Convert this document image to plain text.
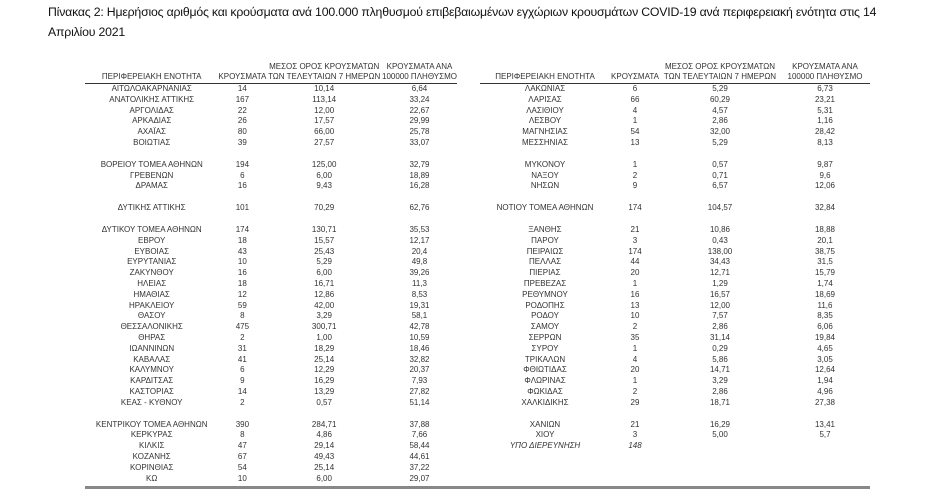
Πίνακας 2: Ημερήσιος αριθμός και κρούσματα ανά 100.000 πληθυσμού επιβεβαιωμένων εγχώριων κρουσμάτων COVID-19 ανά περιφερειακή ενότητα στις 14 Απριλίου 2021
ΠΕΡΙΦΕΡΕΙΑΚΗ ΕΝΟΤΗΤΑ	ΚΡΟΥΣΜΑΤΑ	ΜΕΣΟΣ ΟΡΟΣ ΚΡΟΥΣΜΑΤΩΝ ΤΩΝ ΤΕΛΕΥΤΑΙΩΝ 7 ΗΜΕΡΩΝ	ΚΡΟΥΣΜΑΤΑ ΑΝΑ 100000 ΠΛΗΘΥΣΜΟ
ΑΙΤΩΛΟΑΚΑΡΝΑΝΙΑΣ	14	10,14	6,64
ΑΝΑΤΟΛΙΚΗΣ ΑΤΤΙΚΗΣ	167	113,14	33,24
ΑΡΓΟΛΙΔΑΣ	22	12,00	22,67
ΑΡΚΑΔΙΑΣ	26	17,57	29,99
ΑΧΑΪΑΣ	80	66,00	25,78
ΒΟΙΩΤΙΑΣ	39	27,57	33,07

ΒΟΡΕΙΟΥ ΤΟΜΕΑ ΑΘΗΝΩΝ	194	125,00	32,79
ΓΡΕΒΕΝΩΝ	6	6,00	18,89
ΔΡΑΜΑΣ	16	9,43	16,28

ΔΥΤΙΚΗΣ ΑΤΤΙΚΗΣ	101	70,29	62,76

ΔΥΤΙΚΟΥ ΤΟΜΕΑ ΑΘΗΝΩΝ	174	130,71	35,53
ΕΒΡΟΥ	18	15,57	12,17
ΕΥΒΟΙΑΣ	43	25,43	20,4
ΕΥΡΥΤΑΝΙΑΣ	10	5,29	49,8
ΖΑΚΥΝΘΟΥ	16	6,00	39,26
ΗΛΕΙΑΣ	18	16,71	11,3
ΗΜΑΘΙΑΣ	12	12,86	8,53
ΗΡΑΚΛΕΙΟΥ	59	42,00	19,31
ΘΑΣΟΥ	8	3,29	58,1
ΘΕΣΣΑΛΟΝΙΚΗΣ	475	300,71	42,78
ΘΗΡΑΣ	2	1,00	10,59
ΙΩΑΝΝΙΝΩΝ	31	18,29	18,46
ΚΑΒΑΛΑΣ	41	25,14	32,82
ΚΑΛΥΜΝΟΥ	6	12,29	20,37
ΚΑΡΔΙΤΣΑΣ	9	16,29	7,93
ΚΑΣΤΟΡΙΑΣ	14	13,29	27,82
ΚΕΑΣ - ΚΥΘΝΟΥ	2	0,57	51,14

ΚΕΝΤΡΙΚΟΥ ΤΟΜΕΑ ΑΘΗΝΩΝ	390	284,71	37,88
ΚΕΡΚΥΡΑΣ	8	4,86	7,66
ΚΙΛΚΙΣ	47	29,14	58,44
ΚΟΖΑΝΗΣ	67	49,43	44,61
ΚΟΡΙΝΘΙΑΣ	54	25,14	37,22
ΚΩ	10	6,00	29,07
ΠΕΡΙΦΕΡΕΙΑΚΗ ΕΝΟΤΗΤΑ	ΚΡΟΥΣΜΑΤΑ	ΜΕΣΟΣ ΟΡΟΣ ΚΡΟΥΣΜΑΤΩΝ ΤΩΝ ΤΕΛΕΥΤΑΙΩΝ 7 ΗΜΕΡΩΝ	ΚΡΟΥΣΜΑΤΑ ΑΝΑ 100000 ΠΛΗΘΥΣΜΟ
ΛΑΚΩΝΙΑΣ	6	5,29	6,73
ΛΑΡΙΣΑΣ	66	60,29	23,21
ΛΑΣΙΘΙΟΥ	4	4,57	5,31
ΛΕΣΒΟΥ	1	2,86	1,16
ΜΑΓΝΗΣΙΑΣ	54	32,00	28,42
ΜΕΣΣΗΝΙΑΣ	13	5,29	8,13

ΜΥΚΟΝΟΥ	1	0,57	9,87
ΝΑΞΟΥ	2	0,71	9,6
ΝΗΣΩΝ	9	6,57	12,06

ΝΟΤΙΟΥ ΤΟΜΕΑ ΑΘΗΝΩΝ	174	104,57	32,84

ΞΑΝΘΗΣ	21	10,86	18,88
ΠΑΡΟΥ	3	0,43	20,1
ΠΕΙΡΑΙΩΣ	174	138,00	38,75
ΠΕΛΛΑΣ	44	34,43	31,5
ΠΙΕΡΙΑΣ	20	12,71	15,79
ΠΡΕΒΕΖΑΣ	1	1,29	1,74
ΡΕΘΥΜΝΟΥ	16	16,57	18,69
ΡΟΔΟΠΗΣ	13	12,00	11,6
ΡΟΔΟΥ	10	7,57	8,35
ΣΑΜΟΥ	2	2,86	6,06
ΣΕΡΡΩΝ	35	31,14	19,84
ΣΥΡΟΥ	1	0,29	4,65
ΤΡΙΚΑΛΩΝ	4	5,86	3,05
ΦΘΙΩΤΙΔΑΣ	20	14,71	12,64
ΦΛΩΡΙΝΑΣ	1	3,29	1,94
ΦΩΚΙΔΑΣ	2	2,86	4,96
ΧΑΛΚΙΔΙΚΗΣ	29	18,71	27,38

ΧΑΝΙΩΝ	21	16,29	13,41
ΧΙΟΥ	3	5,00	5,7
ΥΠΟ ΔΙΕΡΕΥΝΗΣΗ	148		
